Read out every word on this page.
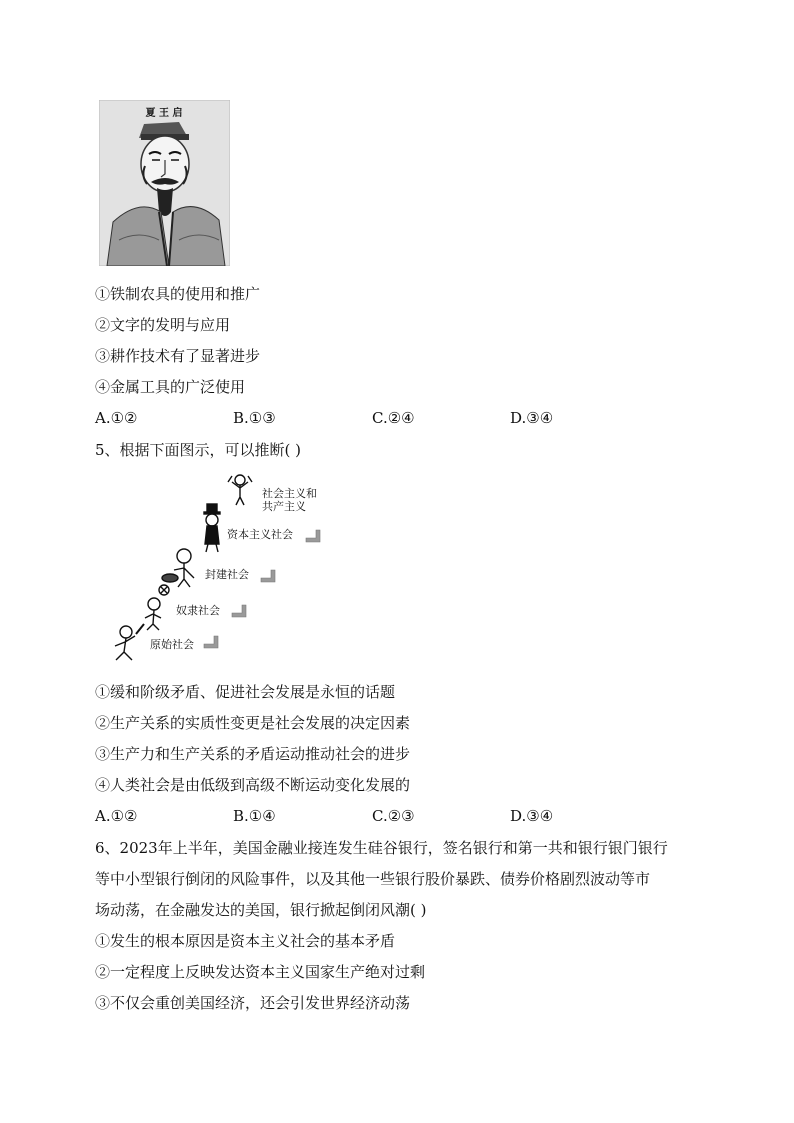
夏 王 启
①铁制农具的使用和推广
②文字的发明与应用
③耕作技术有了显著进步
④金属工具的广泛使用
A.①②	B.①③	C.②④	D.③④
5、根据下面图示，可以推断( )
原始社会
奴隶社会
封建社会
资本主义社会
社会主义和
共产主义
①缓和阶级矛盾、促进社会发展是永恒的话题
②生产关系的实质性变更是社会发展的决定因素
③生产力和生产关系的矛盾运动推动社会的进步
④人类社会是由低级到高级不断运动变化发展的
A.①②	B.①④	C.②③	D.③④
6、2023年上半年，美国金融业接连发生硅谷银行，签名银行和第一共和银行银门银行
等中小型银行倒闭的风险事件，以及其他一些银行股价暴跌、债券价格剧烈波动等市
场动荡，在金融发达的美国，银行掀起倒闭风潮( )
①发生的根本原因是资本主义社会的基本矛盾
②一定程度上反映发达资本主义国家生产绝对过剩
③不仅会重创美国经济，还会引发世界经济动荡
